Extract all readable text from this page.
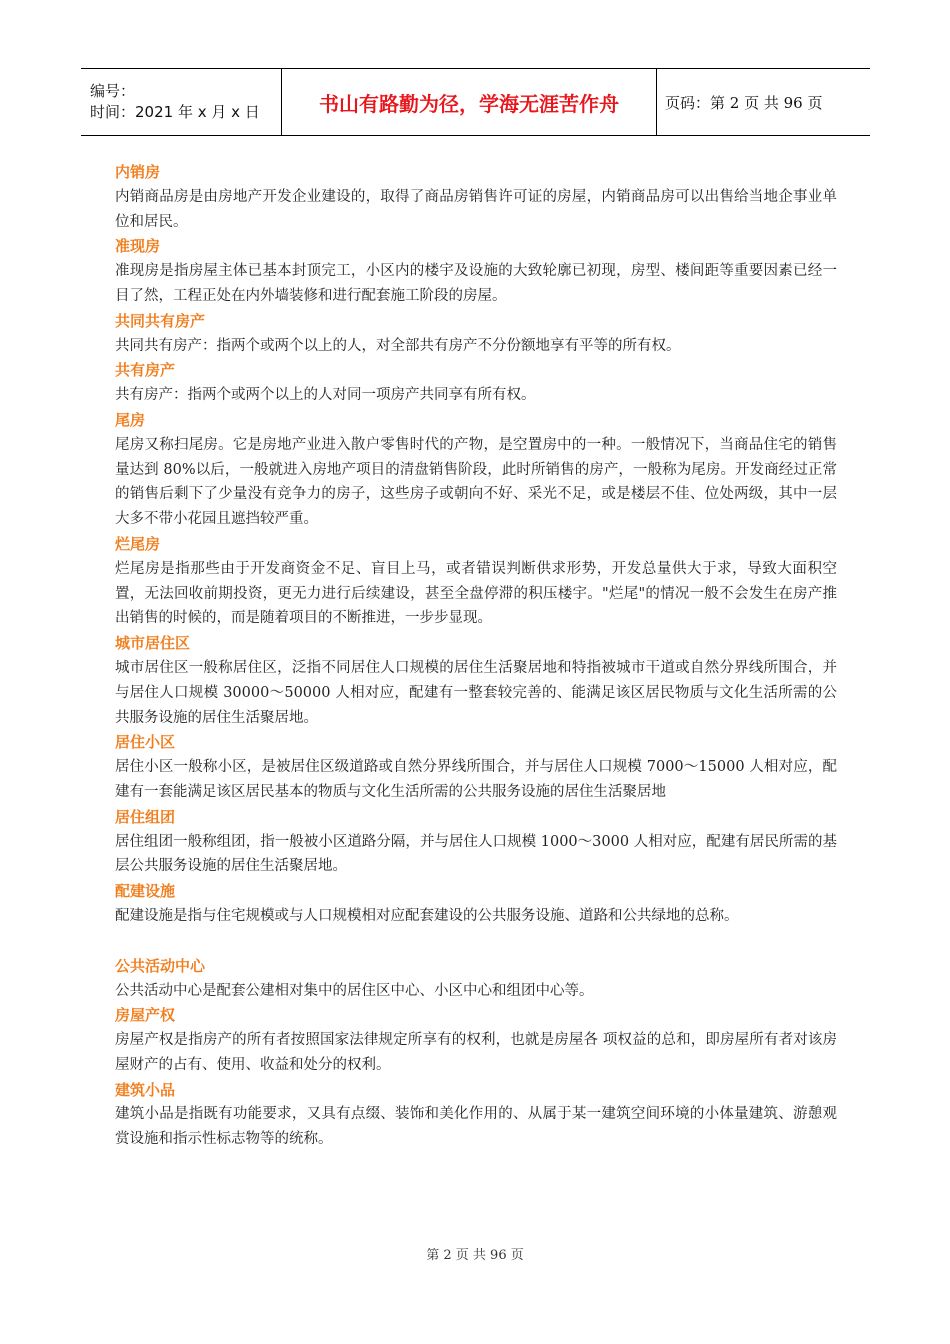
编号：
时间：2021 年 x 月 x 日	书山有路勤为径，学海无涯苦作舟	页码：第 2 页 共 96 页
内销房
内销商品房是由房地产开发企业建设的，取得了商品房销售许可证的房屋，内销商品房可以出售给当地企事业单位和居民。
准现房
准现房是指房屋主体已基本封顶完工，小区内的楼宇及设施的大致轮廓已初现，房型、楼间距等重要因素已经一目了然，工程正处在内外墙装修和进行配套施工阶段的房屋。
共同共有房产
共同共有房产：指两个或两个以上的人，对全部共有房产不分份额地享有平等的所有权。
共有房产
共有房产：指两个或两个以上的人对同一项房产共同享有所有权。
尾房
尾房又称扫尾房。它是房地产业进入散户零售时代的产物，是空置房中的一种。一般情况下，当商品住宅的销售量达到 80%以后，一般就进入房地产项目的清盘销售阶段，此时所销售的房产，一般称为尾房。开发商经过正常的销售后剩下了少量没有竞争力的房子，这些房子或朝向不好、采光不足，或是楼层不佳、位处两级，其中一层大多不带小花园且遮挡较严重。
烂尾房
烂尾房是指那些由于开发商资金不足、盲目上马，或者错误判断供求形势，开发总量供大于求，导致大面积空置，无法回收前期投资，更无力进行后续建设，甚至全盘停滞的积压楼宇。"烂尾"的情况一般不会发生在房产推出销售的时候的，而是随着项目的不断推进，一步步显现。
城市居住区
城市居住区一般称居住区，泛指不同居住人口规模的居住生活聚居地和特指被城市干道或自然分界线所围合，并与居住人口规模 30000～50000 人相对应，配建有一整套较完善的、能满足该区居民物质与文化生活所需的公共服务设施的居住生活聚居地。
居住小区
居住小区一般称小区，是被居住区级道路或自然分界线所围合，并与居住人口规模 7000～15000 人相对应，配建有一套能满足该区居民基本的物质与文化生活所需的公共服务设施的居住生活聚居地
居住组团
居住组团一般称组团，指一般被小区道路分隔，并与居住人口规模 1000～3000 人相对应，配建有居民所需的基层公共服务设施的居住生活聚居地。
配建设施
配建设施是指与住宅规模或与人口规模相对应配套建设的公共服务设施、道路和公共绿地的总称。
公共活动中心
公共活动中心是配套公建相对集中的居住区中心、小区中心和组团中心等。
房屋产权
房屋产权是指房产的所有者按照国家法律规定所享有的权利，也就是房屋各 项权益的总和，即房屋所有者对该房屋财产的占有、使用、收益和处分的权利。
建筑小品
建筑小品是指既有功能要求，又具有点缀、装饰和美化作用的、从属于某一建筑空间环境的小体量建筑、游憩观赏设施和指示性标志物等的统称。
第 2 页 共 96 页
